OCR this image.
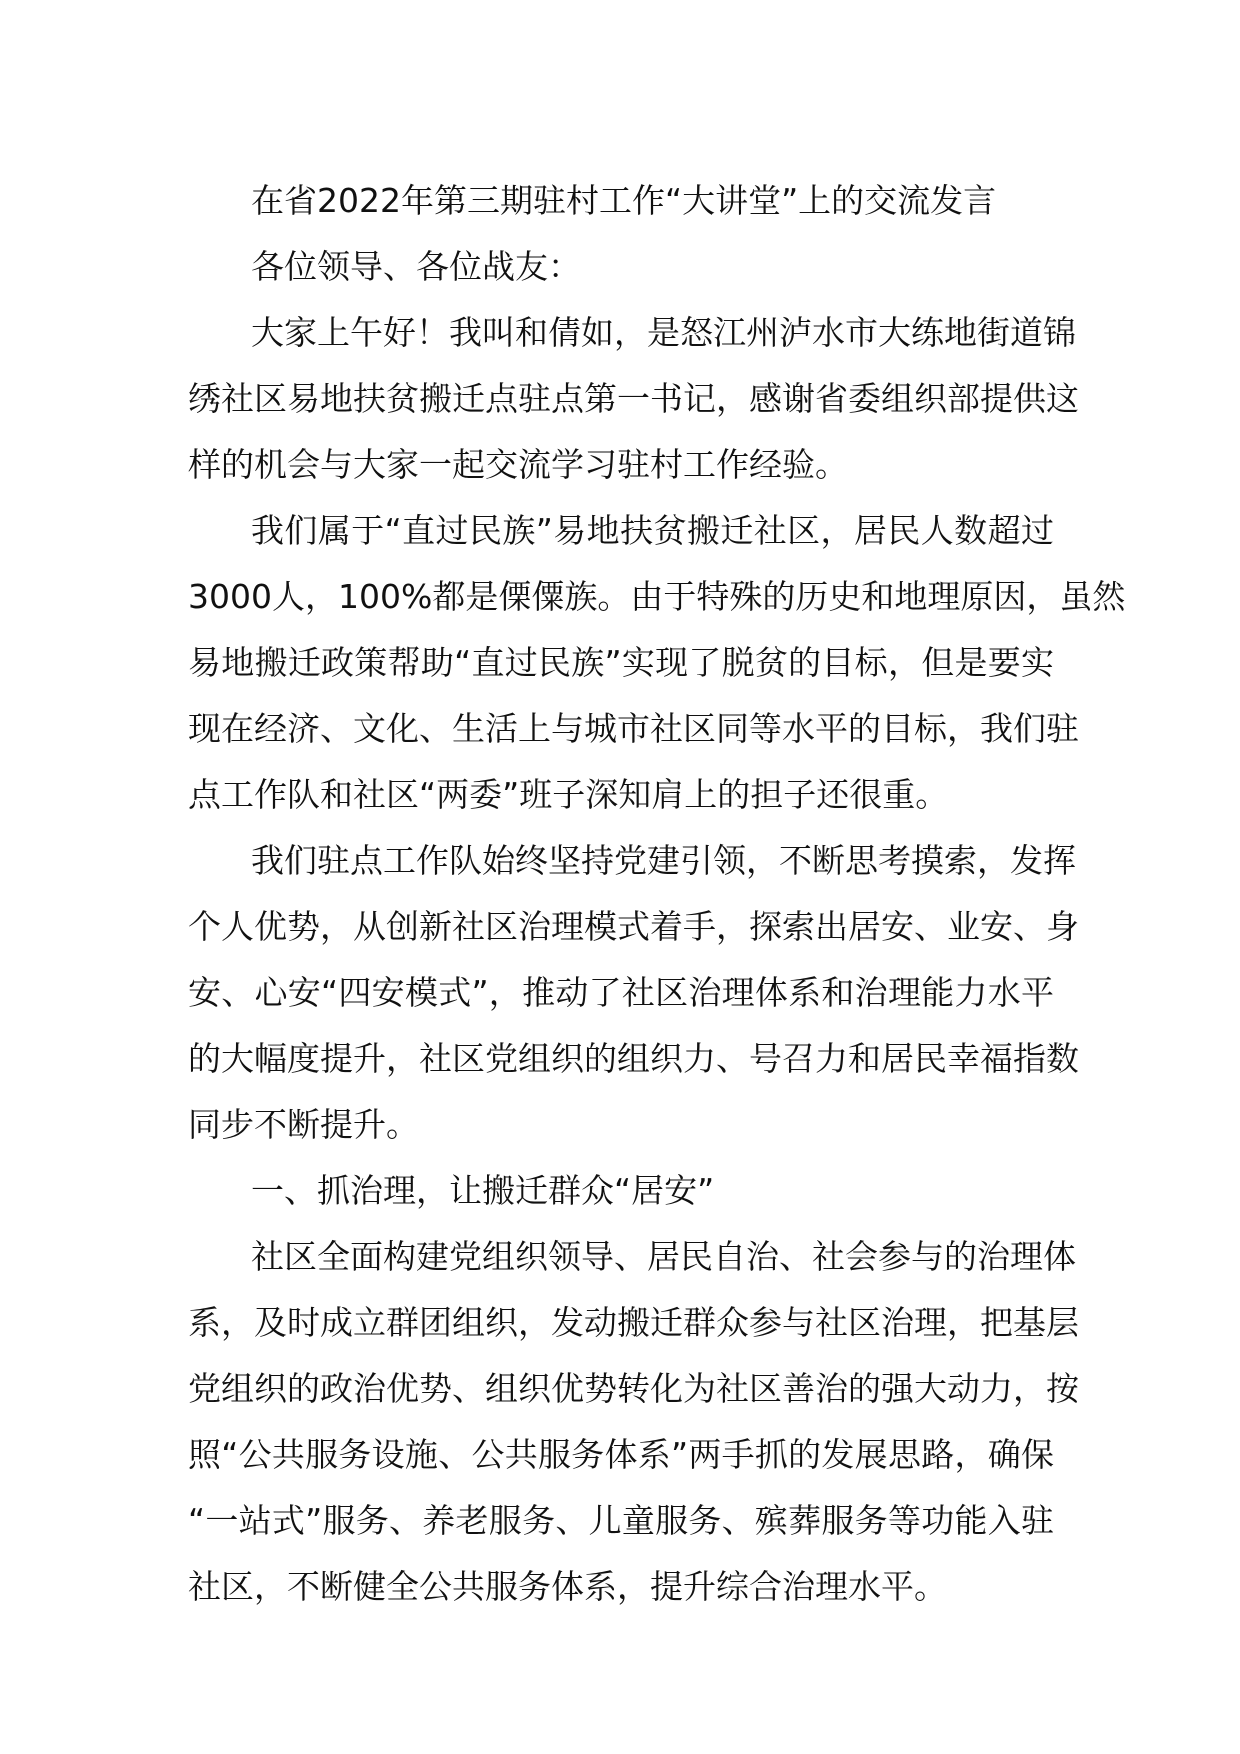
在省2022年第三期驻村工作“大讲堂”上的交流发言
各位领导、各位战友：
大家上午好！我叫和倩如，是怒江州泸水市大练地街道锦
绣社区易地扶贫搬迁点驻点第一书记，感谢省委组织部提供这
样的机会与大家一起交流学习驻村工作经验。
我们属于“直过民族”易地扶贫搬迁社区，居民人数超过
3000人，100%都是傈僳族。由于特殊的历史和地理原因，虽然
易地搬迁政策帮助“直过民族”实现了脱贫的目标，但是要实
现在经济、文化、生活上与城市社区同等水平的目标，我们驻
点工作队和社区“两委”班子深知肩上的担子还很重。
我们驻点工作队始终坚持党建引领，不断思考摸索，发挥
个人优势，从创新社区治理模式着手，探索出居安、业安、身
安、心安“四安模式”，推动了社区治理体系和治理能力水平
的大幅度提升，社区党组织的组织力、号召力和居民幸福指数
同步不断提升。
一、抓治理，让搬迁群众“居安”
社区全面构建党组织领导、居民自治、社会参与的治理体
系，及时成立群团组织，发动搬迁群众参与社区治理，把基层
党组织的政治优势、组织优势转化为社区善治的强大动力，按
照“公共服务设施、公共服务体系”两手抓的发展思路，确保
“一站式”服务、养老服务、儿童服务、殡葬服务等功能入驻
社区，不断健全公共服务体系，提升综合治理水平。
